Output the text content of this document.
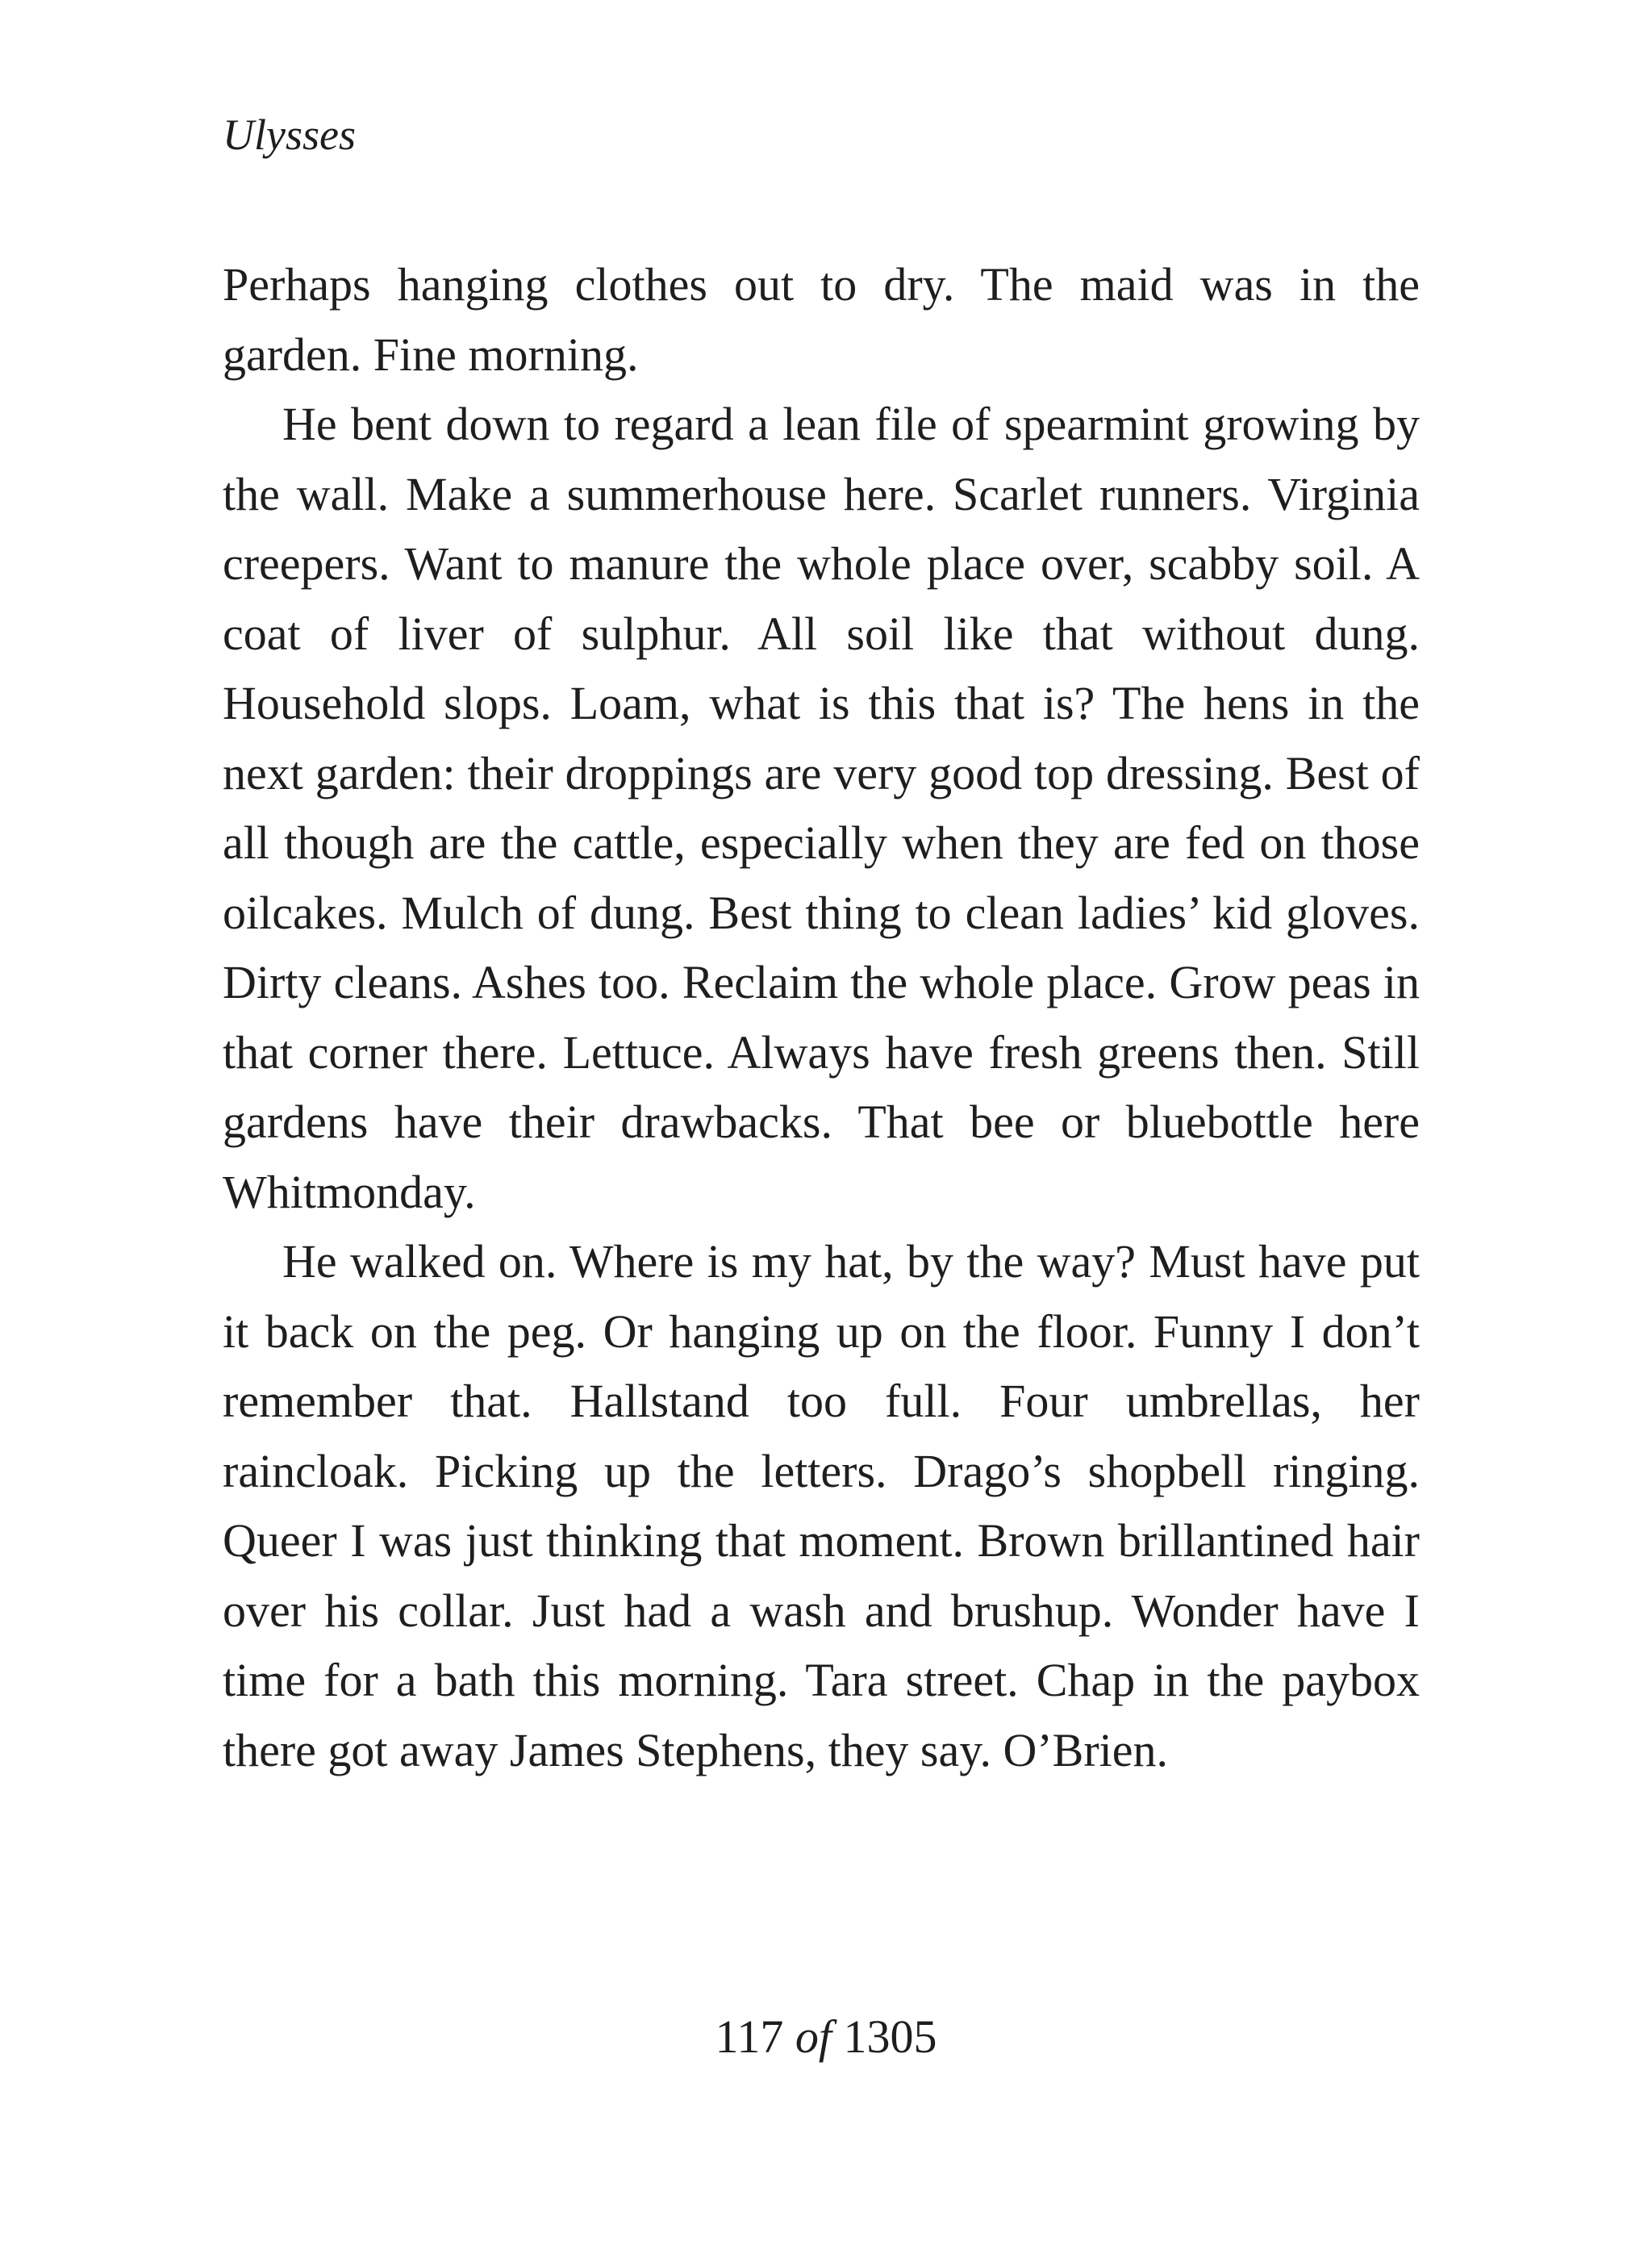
Ulysses

Perhaps hanging clothes out to dry. The maid was in the garden. Fine morning.

He bent down to regard a lean file of spearmint growing by the wall. Make a summerhouse here. Scarlet runners. Virginia creepers. Want to manure the whole place over, scabby soil. A coat of liver of sulphur. All soil like that without dung. Household slops. Loam, what is this that is? The hens in the next garden: their droppings are very good top dressing. Best of all though are the cattle, especially when they are fed on those oilcakes. Mulch of dung. Best thing to clean ladies’ kid gloves. Dirty cleans. Ashes too. Reclaim the whole place. Grow peas in that corner there. Lettuce. Always have fresh greens then. Still gardens have their drawbacks. That bee or bluebottle here Whitmonday.

He walked on. Where is my hat, by the way? Must have put it back on the peg. Or hanging up on the floor. Funny I don’t remember that. Hallstand too full. Four umbrellas, her raincloak. Picking up the letters. Drago’s shopbell ringing. Queer I was just thinking that moment. Brown brillantined hair over his collar. Just had a wash and brushup. Wonder have I time for a bath this morning. Tara street. Chap in the paybox there got away James Stephens, they say. O’Brien.

117 of 1305
